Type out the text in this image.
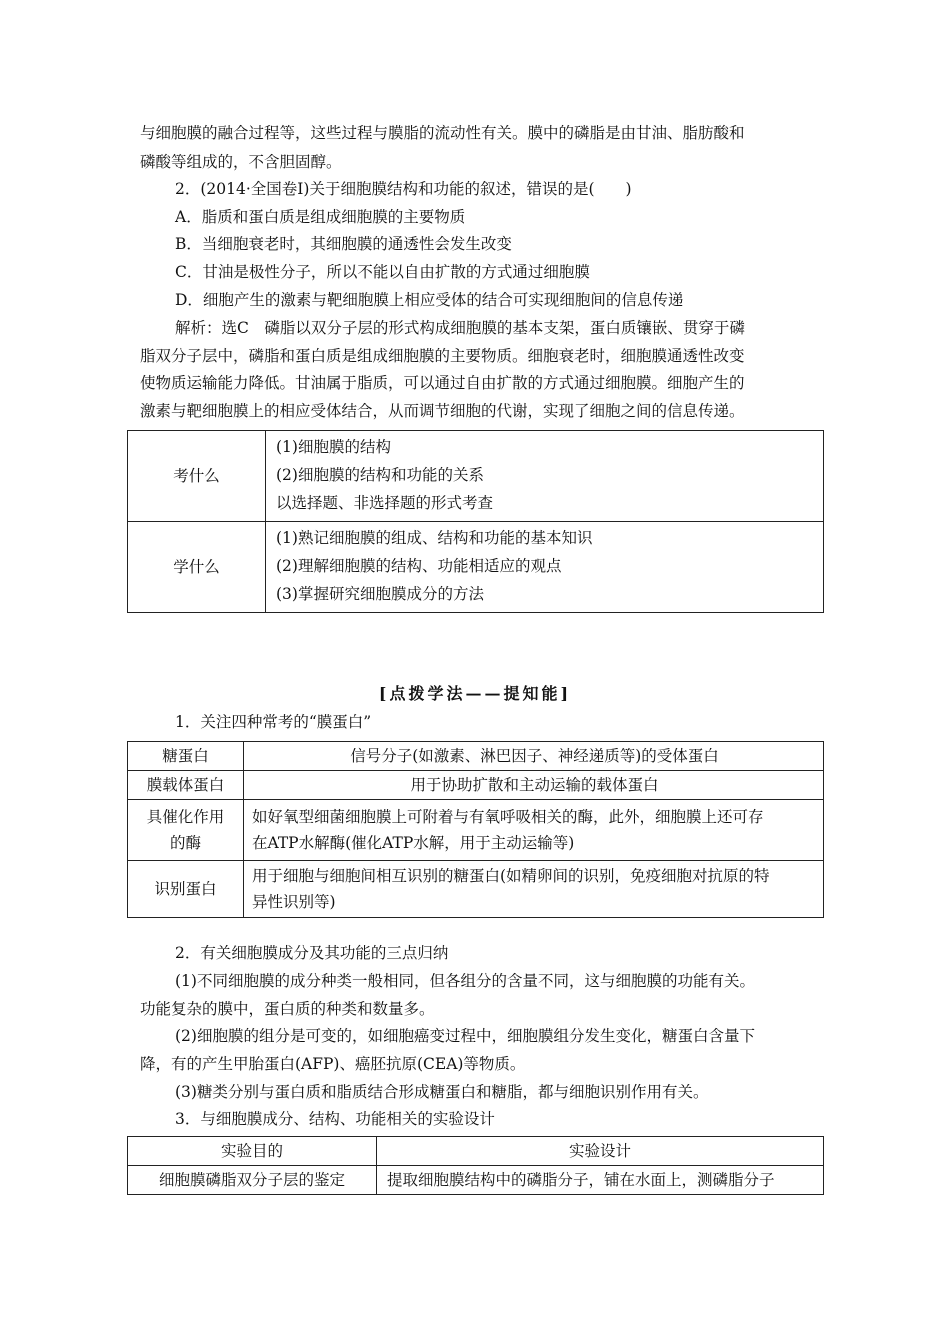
与细胞膜的融合过程等，这些过程与膜脂的流动性有关。膜中的磷脂是由甘油、脂肪酸和
磷酸等组成的，不含胆固醇。
2．(2014·全国卷Ⅰ)关于细胞膜结构和功能的叙述，错误的是(　　)
A．脂质和蛋白质是组成细胞膜的主要物质
B．当细胞衰老时，其细胞膜的通透性会发生改变
C．甘油是极性分子，所以不能以自由扩散的方式通过细胞膜
D．细胞产生的激素与靶细胞膜上相应受体的结合可实现细胞间的信息传递
解析：选C　磷脂以双分子层的形式构成细胞膜的基本支架，蛋白质镶嵌、贯穿于磷
脂双分子层中，磷脂和蛋白质是组成细胞膜的主要物质。细胞衰老时，细胞膜通透性改变
使物质运输能力降低。甘油属于脂质，可以通过自由扩散的方式通过细胞膜。细胞产生的
激素与靶细胞膜上的相应受体结合，从而调节细胞的代谢，实现了细胞之间的信息传递。
考什么	(1)细胞膜的结构
(2)细胞膜的结构和功能的关系
以选择题、非选择题的形式考查

学什么	(1)熟记细胞膜的组成、结构和功能的基本知识
(2)理解细胞膜的结构、功能相适应的观点
(3)掌握研究细胞膜成分的方法
[点拨学法——提知能]
1．关注四种常考的“膜蛋白”
糖蛋白	信号分子(如激素、淋巴因子、神经递质等)的受体蛋白
膜载体蛋白	用于协助扩散和主动运输的载体蛋白

具催化作用
的酶	如好氧型细菌细胞膜上可附着与有氧呼吸相关的酶，此外，细胞膜上还可存
在ATP水解酶(催化ATP水解，用于主动运输等)

识别蛋白	用于细胞与细胞间相互识别的糖蛋白(如精卵间的识别，免疫细胞对抗原的特
异性识别等)
2．有关细胞膜成分及其功能的三点归纳
(1)不同细胞膜的成分种类一般相同，但各组分的含量不同，这与细胞膜的功能有关。
功能复杂的膜中，蛋白质的种类和数量多。
(2)细胞膜的组分是可变的，如细胞癌变过程中，细胞膜组分发生变化，糖蛋白含量下
降，有的产生甲胎蛋白(AFP)、癌胚抗原(CEA)等物质。
(3)糖类分别与蛋白质和脂质结合形成糖蛋白和糖脂，都与细胞识别作用有关。
3．与细胞膜成分、结构、功能相关的实验设计
实验目的	实验设计
细胞膜磷脂双分子层的鉴定	提取细胞膜结构中的磷脂分子，铺在水面上，测磷脂分子
